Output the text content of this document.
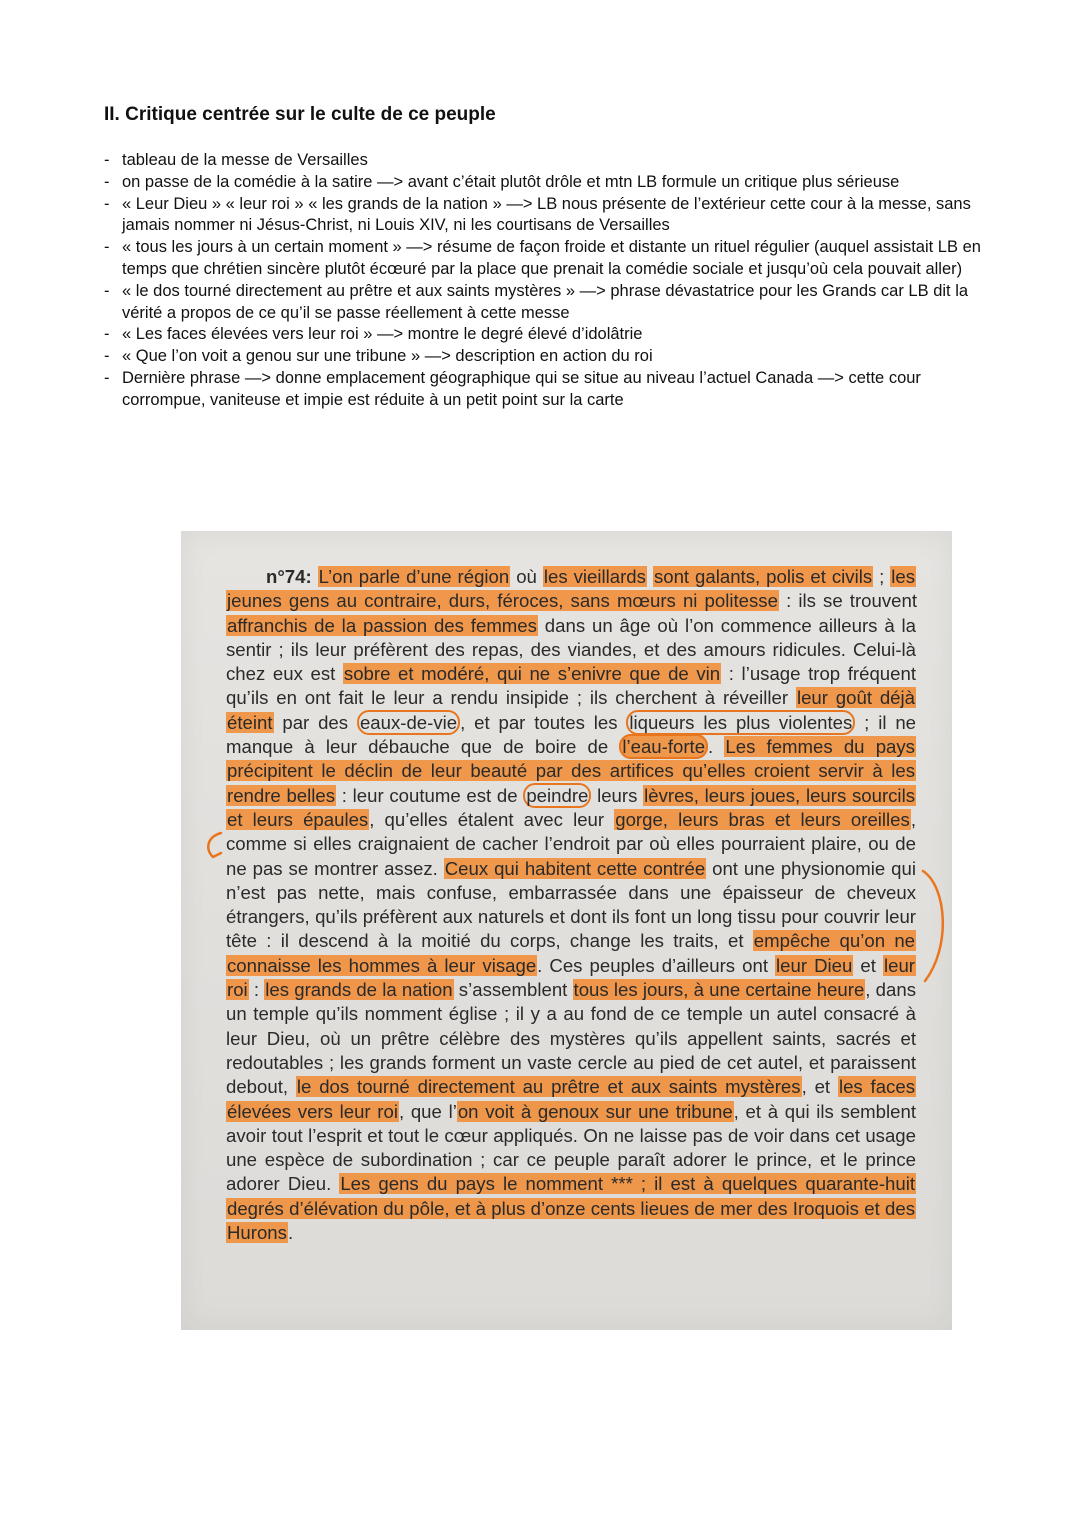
II. Critique centrée sur le culte de ce peuple
- tableau de la messe de Versailles
- on passe de la comédie à la satire —> avant c’était plutôt drôle et mtn LB formule un critique plus sérieuse
- « Leur Dieu » « leur roi » « les grands de la nation » —> LB nous présente de l’extérieur cette cour à la messe, sans jamais nommer ni Jésus-Christ, ni Louis XIV, ni les courtisans de Versailles
- « tous les jours à un certain moment » —> résume de façon froide et distante un rituel régulier (auquel assistait LB en temps que chrétien sincère plutôt écœuré par la place que prenait la comédie sociale et jusqu’où cela pouvait aller)
- « le dos tourné directement au prêtre et aux saints mystères » —> phrase dévastatrice pour les Grands car LB dit la vérité a propos de ce qu’il se passe réellement à cette messe
- « Les faces élevées vers leur roi » —> montre le degré élevé d’idolâtrie
- « Que l’on voit a genou sur une tribune » —> description en action du roi
- Dernière phrase —> donne emplacement géographique qui se situe au niveau l’actuel Canada —> cette cour corrompue, vaniteuse et impie est réduite à un petit point sur la carte

n°74: L’on parle d’une région où les vieillards sont galants, polis et civils ; les jeunes gens au contraire, durs, féroces, sans mœurs ni politesse : ils se trouvent affranchis de la passion des femmes dans un âge où l’on commence ailleurs à la sentir ; ils leur préfèrent des repas, des viandes, et des amours ridicules. Celui-là chez eux est sobre et modéré, qui ne s’enivre que de vin : l’usage trop fréquent qu’ils en ont fait le leur a rendu insipide ; ils cherchent à réveiller leur goût déjà éteint par des eaux-de-vie , et par toutes les liqueurs les plus violentes ; il ne manque à leur débauche que de boire de l’eau-forte . Les femmes du pays précipitent le déclin de leur beauté par des artifices qu’elles croient servir à les rendre belles : leur coutume est de peindre leurs lèvres, leurs joues, leurs sourcils et leurs épaules, qu’elles étalent avec leur gorge, leurs bras et leurs oreilles, comme si elles craignaient de cacher l’endroit par où elles pourraient plaire, ou de ne pas se montrer assez. Ceux qui habitent cette contrée ont une physionomie qui n’est pas nette, mais confuse, embarrassée dans une épaisseur de cheveux étrangers, qu’ils préfèrent aux naturels et dont ils font un long tissu pour couvrir leur tête : il descend à la moitié du corps, change les traits, et empêche qu’on ne connaisse les hommes à leur visage. Ces peuples d’ailleurs ont leur Dieu et leur roi : les grands de la nation s’assemblent tous les jours, à une certaine heure, dans un temple qu’ils nomment église ; il y a au fond de ce temple un autel consacré à leur Dieu, où un prêtre célèbre des mystères qu’ils appellent saints, sacrés et redoutables ; les grands forment un vaste cercle au pied de cet autel, et paraissent debout, le dos tourné directement au prêtre et aux saints mystères, et les faces élevées vers leur roi, que l’on voit à genoux sur une tribune, et à qui ils semblent avoir tout l’esprit et tout le cœur appliqués. On ne laisse pas de voir dans cet usage une espèce de subordination ; car ce peuple paraît adorer le prince, et le prince adorer Dieu. Les gens du pays le nomment *** ; il est à quelques quarante-huit degrés d’élévation du pôle, et à plus d’onze cents lieues de mer des Iroquois et des Hurons.
